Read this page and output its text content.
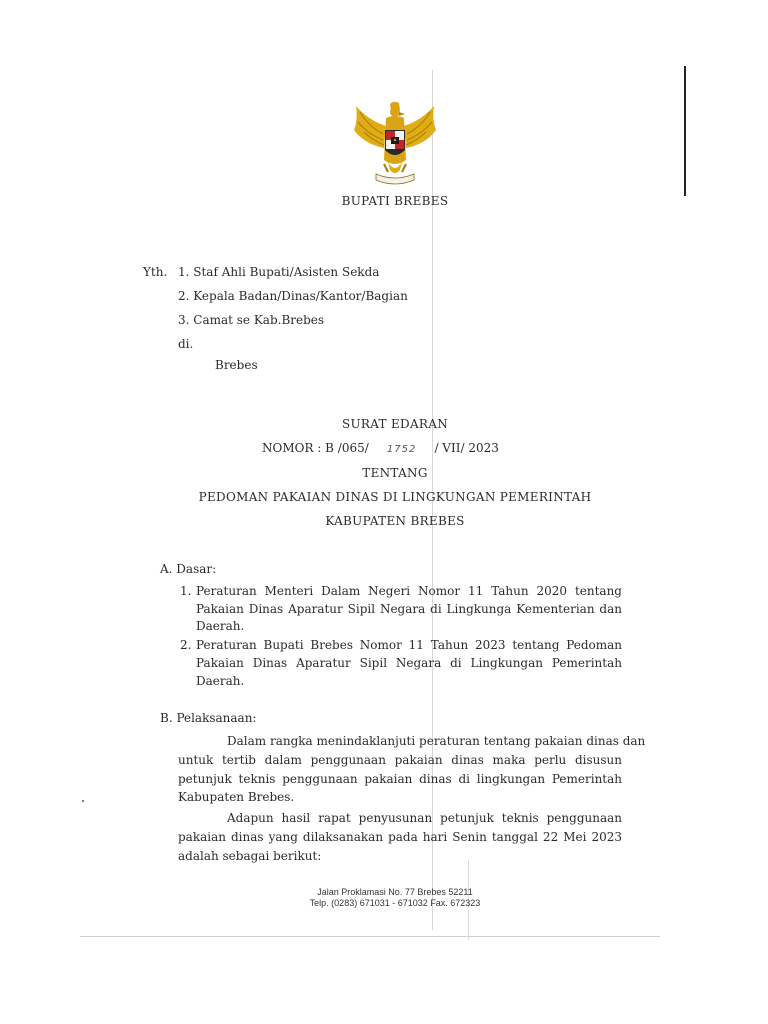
BUPATI BREBES
Yth. 1. Staf Ahli Bupati/Asisten Sekda
2. Kepala Badan/Dinas/Kantor/Bagian
3. Camat se Kab.Brebes
di.
Brebes
SURAT EDARAN
NOMOR : B /065/ 1752 / VII/ 2023
TENTANG
PEDOMAN PAKAIAN DINAS DI LINGKUNGAN PEMERINTAH
KABUPATEN BREBES
A. Dasar:
1. Peraturan Menteri Dalam Negeri Nomor 11 Tahun 2020 tentang
Pakaian Dinas Aparatur Sipil Negara di Lingkunga Kementerian dan
Daerah.
2. Peraturan Bupati Brebes Nomor 11 Tahun 2023 tentang Pedoman
Pakaian Dinas Aparatur Sipil Negara di Lingkungan Pemerintah
Daerah.
B. Pelaksanaan:
Dalam rangka menindaklanjuti peraturan tentang pakaian dinas dan
untuk tertib dalam penggunaan pakaian dinas maka perlu disusun
petunjuk teknis penggunaan pakaian dinas di lingkungan Pemerintah
Kabupaten Brebes.
Adapun hasil rapat penyusunan petunjuk teknis penggunaan
pakaian dinas yang dilaksanakan pada hari Senin tanggal 22 Mei 2023
adalah sebagai berikut:
Jalan Proklamasi No. 77 Brebes 52211
Telp. (0283) 671031 - 671032 Fax. 672323
